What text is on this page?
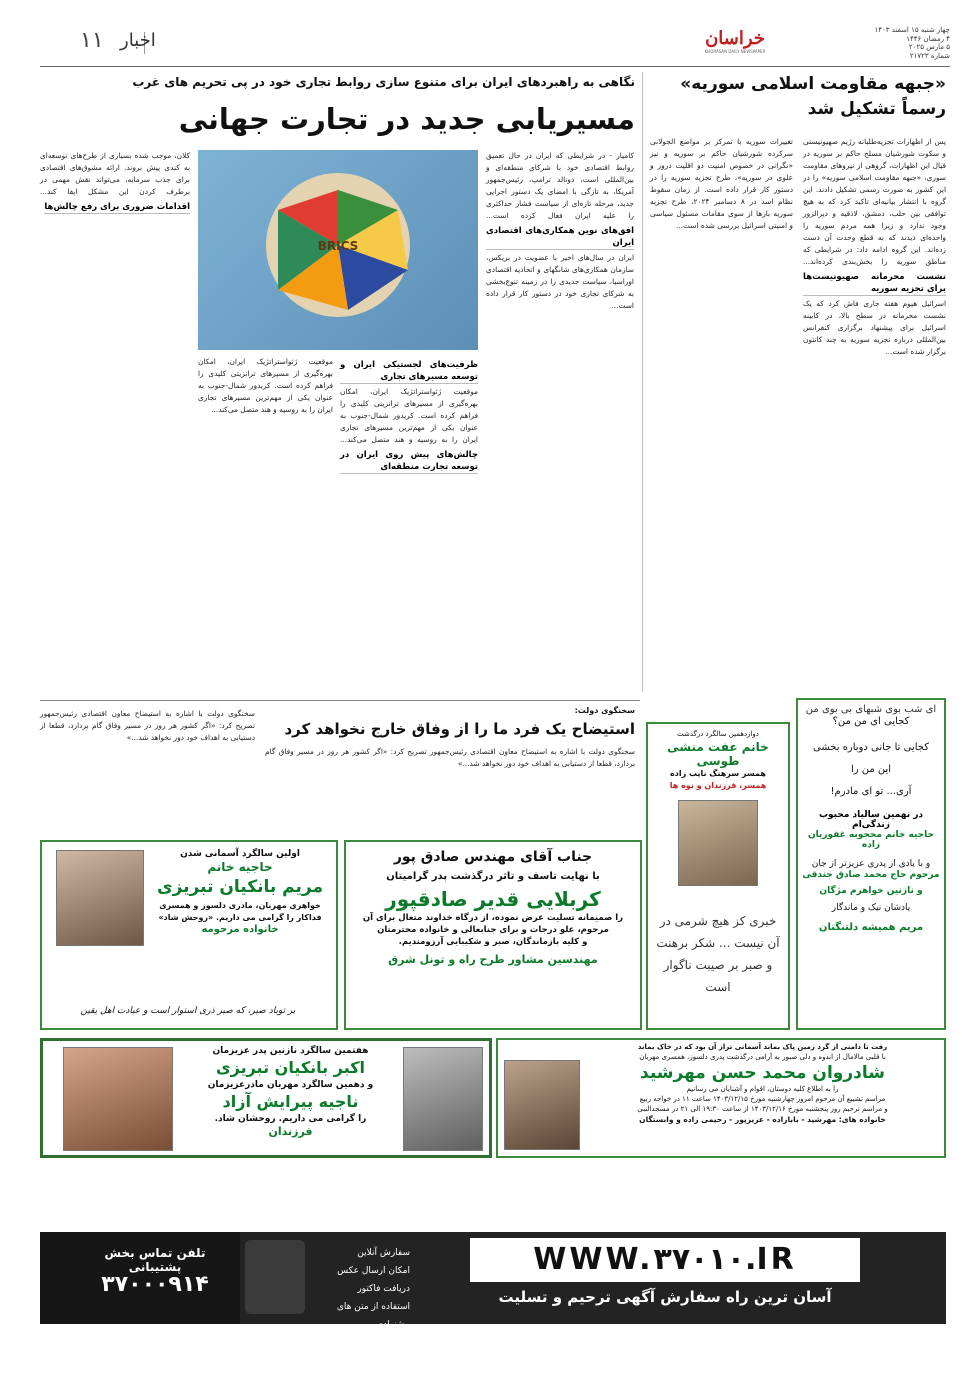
۱۱ اخبار	خراسان
KHORASAN DAILY NEWSPAPER
چهار شنبه ۱۵ اسفند ۱۴۰۳
۴ رمضان ۱۴۴۶
۵ مارس ۲۰۲۵
شماره ۲۱۷۲۳
«جبهه مقاومت اسلامی سوریه»
رسماً تشکیل شد
پس از اظهارات تجزیه‌طلبانه رژیم صهیونیستی و سکوت شورشیان مسلح حاکم بر سوریه در قبال این اظهارات، گروهی از نیروهای مقاومت سوری، «جبهه مقاومت اسلامی سوریه» را در این کشور به صورت رسمی تشکیل دادند. این گروه با انتشار بیانیه‌ای تاکید کرد که به هیچ توافقی بین حلب، دمشق، لاذقیه و دیرالزور وجود ندارد و زیرا همه مردم سوریه را واحده‌ای دیدند که به قطع وحدت آن دست زده‌اند. این گروه ادامه داد: در شرایطی که مناطق سوریه را بخش‌بندی کرده‌اند... نشست محرمانه صهیونیست‌ها برای تجزیه سوریه اسرائیل هیوم هفته جاری فاش کرد که یک نشست محرمانه در سطح بالا، در کابینه اسرائیل برای پیشنهاد برگزاری کنفرانس بین‌المللی درباره تجزیه سوریه به چند کانتون برگزار شده است...
تغییرات سوریه با تمرکز بر مواضع الجولانی سرکرده شورشیان حاکم بر سوریه و نیز «نگرانی در خصوص امنیت دو اقلیت دروز و علوی در سوریه»، طرح تجزیه سوریه را در دستور کار قرار داده است. از زمان سقوط نظام اسد در ۸ دسامبر ۲۰۲۴، طرح تجزیه سوریه بارها از سوی مقامات مسئول سیاسی و امنیتی اسرائیل بررسی شده است...
نگاهی به راهبردهای ایران برای متنوع سازی روابط تجاری خود در پی تحریم های غرب
مسیریابی جدید در تجارت جهانی
کلان، موجب شده بسیاری از طرح‌های توسعه‌ای به کندی پیش بروند. ارائه مشوق‌های اقتصادی برای جذب سرمایه، می‌تواند نقش مهمی در برطرف کردن این مشکل ایفا کند... اقدامات ضروری برای رفع چالش‌ها
BRICS
کامیار - در شرایطی که ایران در حال تعمیق روابط اقتصادی خود با شرکای منطقه‌ای و بین‌المللی است، دونالد ترامپ، رئیس‌جمهور آمریکا، به تازگی با امضای یک دستور اجرایی جدید، مرحله تازه‌ای از سیاست فشار حداکثری را علیه ایران فعال کرده است... افق‌های نوین همکاری‌های اقتصادی ایران ایران در سال‌های اخیر با عضویت در بریکس، سازمان همکاری‌های شانگهای و اتحادیه اقتصادی اوراسیا، سیاست جدیدی را در زمینه تنوع‌بخشی به شرکای تجاری خود در دستور کار قرار داده است...
موقعیت ژئواستراتژیک ایران، امکان بهره‌گیری از مسیرهای ترانزیتی کلیدی را فراهم کرده است. کریدور شمال-جنوب به عنوان یکی از مهم‌ترین مسیرهای تجاری ایران را به روسیه و هند متصل می‌کند...
ظرفیت‌های لجستیکی ایران و توسعه مسیرهای تجاری موقعیت ژئواستراتژیک ایران، امکان بهره‌گیری از مسیرهای ترانزیتی کلیدی را فراهم کرده است. کریدور شمال-جنوب به عنوان یکی از مهم‌ترین مسیرهای تجاری ایران را به روسیه و هند متصل می‌کند... چالش‌های پیش روی ایران در توسعه تجارت منطقه‌ای
سخنگوی دولت:
استیضاح یک فرد ما را از وفاق خارج نخواهد کرد
سخنگوی دولت با اشاره به استیضاح معاون اقتصادی رئیس‌جمهور تصریح کرد: «اگر کشور هر روز در مسیر وفاق گام بردارد، قطعا از دستیابی به اهداف خود دور نخواهد شد...»
سخنگوی دولت با اشاره به استیضاح معاون اقتصادی رئیس‌جمهور تصریح کرد: «اگر کشور هر روز در مسیر وفاق گام بردارد، قطعا از دستیابی به اهداف خود دور نخواهد شد...»
ای شب بوی شبهای بی بوی من
کجایی ای من من؟
کجایی تا جانی دوباره بخشی
این من را
آری... تو ای مادرم!
در نهمین سالیاد محبوب زندگی‌ام
حاجیه خانم محجوبه غفوریان زاده
و با یادی از پدری عزیزتر از جان
مرحوم حاج محمد صادق جندقی
و نازنین خواهرم مژگان
یادشان نیک و ماندگار
مریم همیشه دلتنگتان
دوازدهمین سالگرد درگذشت
خانم عفت منشی طوسی
همسر سرهنگ نایب زاده
همسر، فرزندان و نوه ها
خبری کز هیچ شرمی در آن نیست ... شکر برهنت و صبر بر صیبت ناگوار است
جناب آقای مهندس صادق پور
با نهایت تاسف و تاثر درگذشت پدر گرامیتان
کربلایی قدیر صادقپور
را صمیمانه تسلیت عرض نموده، از درگاه خداوند متعال برای آن
مرحوم، علو درجات و برای جنابعالی و خانواده محترمتان
و کلیه بازماندگان، صبر و شکیبایی آرزومندیم.
مهندسین مشاور طرح راه و تونل شرق
اولین سالگرد آسمانی شدن
حاجیه خانم
مریم بانکیان تبریزی
خواهری مهربان، مادری دلسوز و همسری
فداکار را گرامی می داریم. «روحش شاد»
خانواده مرحومه
بر توباد صبر، که صبر ذری استوار است و عبادت اهل یقین
هفتمین سالگرد نازنین پدر عزیزمان
اکبر بانکیان تبریزی
و دهمین سالگرد مهربان مادرعزیزمان
ناجیه پیرایش آزاد
را گرامی می داریم. روحشان شاد.
فرزندان
رفت تا دامنی از گرد زمین پاک بماند آسمانی تراز آن بود که در خاک بماند
با قلبی مالامال از اندوه و دلی صبور به آرامی درگذشت پدری دلسوز، همسری مهربان
شادروان محمد حسن مهرشید
را به اطلاع کلیه دوستان، اقوام و آشنایان می رسانیم
مراسم تشییع آن مرحوم امروز چهارشنبه مورخ ۱۴۰۳/۱۲/۱۵ ساعت ۱۱ در خواجه ربیع
و مراسم ترحیم روز پنجشنبه مورخ ۱۴۰۳/۱۲/۱۶ از ساعت ۱۹:۳۰ الی ۲۱ در مسجدالنبی
خانواده های: مهرشید - بابازاده - عزیزپور - رحیمی زاده و وابستگان
تلفن تماس بخش پشتیبانی
۳۷۰۰۰۹۱۴
سفارش آنلاین
امکان ارسال عکس
دریافت فاکتور
استفاده از متن های پیشنهادی
WWW.۳۷۰۱۰.IR
آسان ترین راه سفارش آگهی ترحیم و تسلیت
